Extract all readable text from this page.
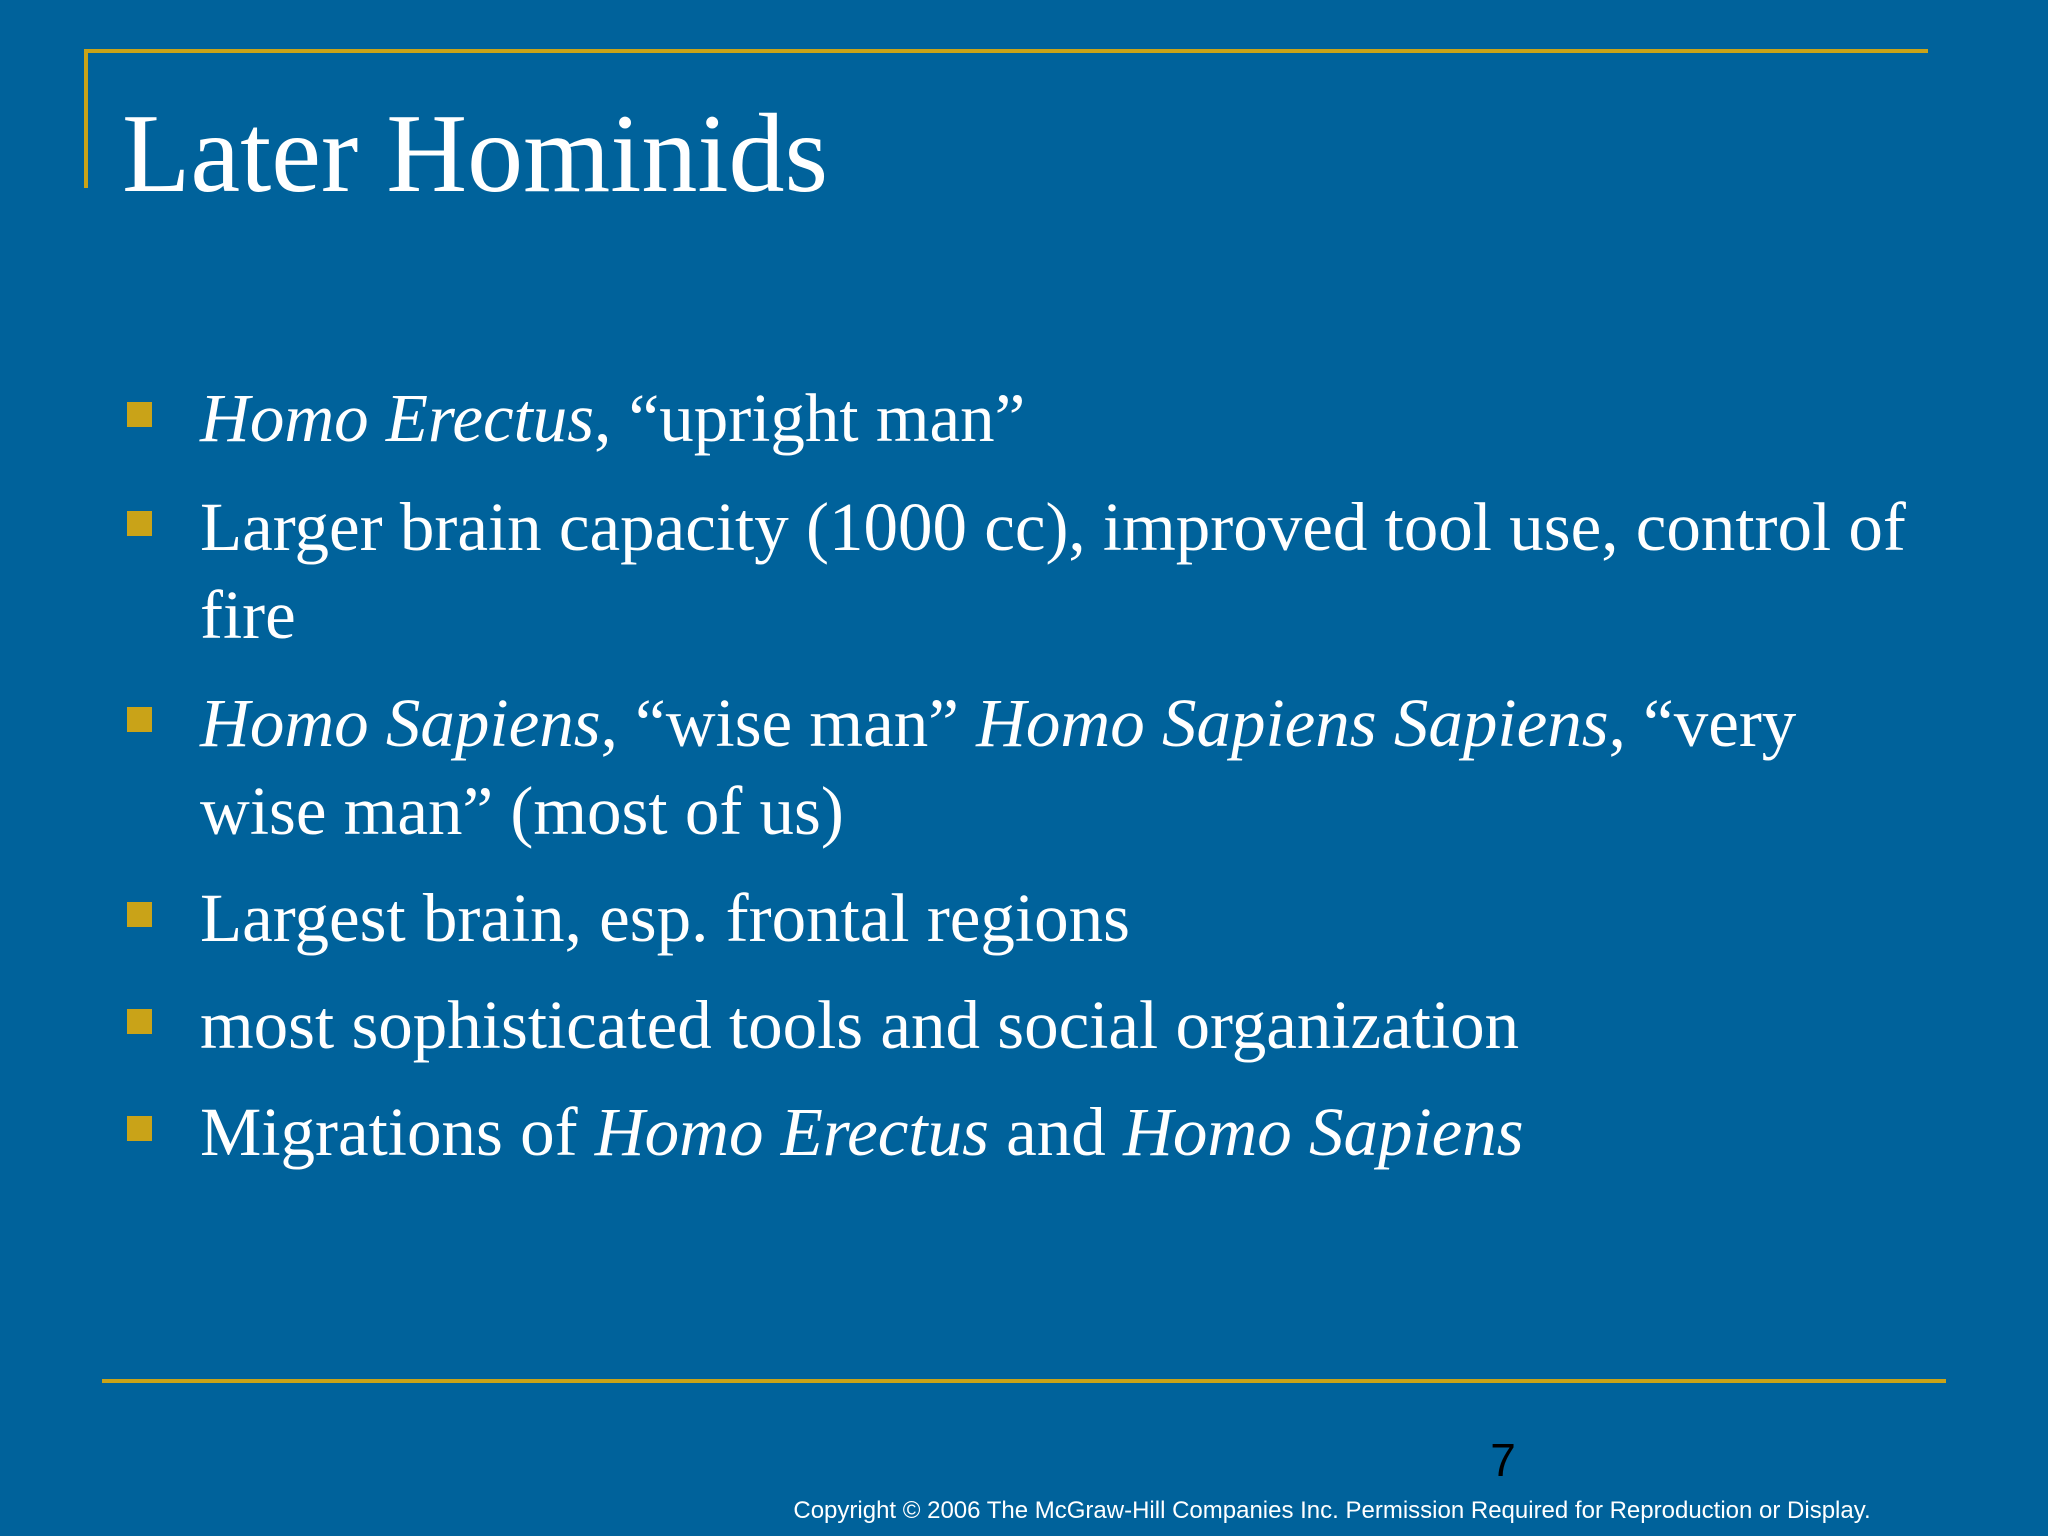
Later Hominids
Homo Erectus, “upright man”
Larger brain capacity (1000 cc), improved tool use, control of fire
Homo Sapiens, “wise man” Homo Sapiens Sapiens, “very wise man” (most of us)
Largest brain, esp. frontal regions
most sophisticated tools and social organization
Migrations of Homo Erectus and Homo Sapiens
7
Copyright © 2006 The McGraw-Hill Companies Inc. Permission Required for Reproduction or Display.
